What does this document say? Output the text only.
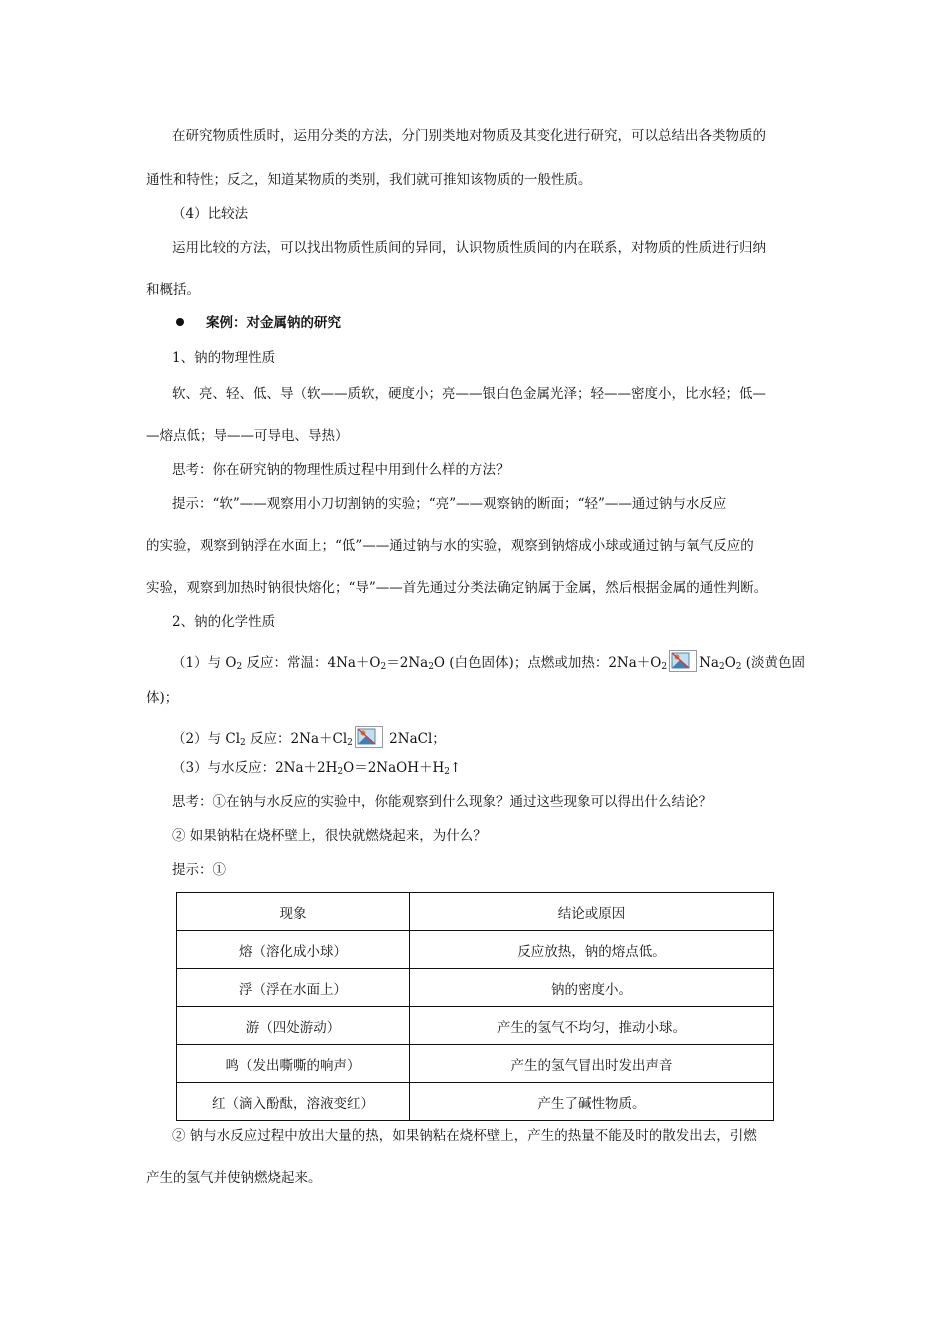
在研究物质性质时，运用分类的方法，分门别类地对物质及其变化进行研究，可以总结出各类物质的
通性和特性；反之，知道某物质的类别，我们就可推知该物质的一般性质。
（4）比较法
运用比较的方法，可以找出物质性质间的异同，认识物质性质间的内在联系，对物质的性质进行归纳
和概括。
案例：对金属钠的研究
1、钠的物理性质
软、亮、轻、低、导（软——质软，硬度小；亮——银白色金属光泽；轻——密度小，比水轻；低—
—熔点低；导——可导电、导热）
思考：你在研究钠的物理性质过程中用到什么样的方法？
提示：“软”——观察用小刀切割钠的实验；“亮”——观察钠的断面；“轻”——通过钠与水反应
的实验，观察到钠浮在水面上；“低”——通过钠与水的实验，观察到钠熔成小球或通过钠与氧气反应的
实验，观察到加热时钠很快熔化；“导”——首先通过分类法确定钠属于金属，然后根据金属的通性判断。
2、钠的化学性质
（1）与 $O_2$ 反应：常温：$4Na+O_2=2Na_2O$ (白色固体)；点燃或加热：$2Na+O_2$ $Na_2O_2$ (淡黄色固
体)；
（2）与 $Cl_2$ 反应：$2Na+Cl_2$ 2NaCl；
（3）与水反应：$2Na+2H_2O=2NaOH+H_2↑$
思考：①在钠与水反应的实验中，你能观察到什么现象？通过这些现象可以得出什么结论？
② 如果钠粘在烧杯壁上，很快就燃烧起来，为什么？
提示：①
现象	结论或原因
熔（溶化成小球）	反应放热，钠的熔点低。
浮（浮在水面上）	钠的密度小。
游（四处游动）	产生的氢气不均匀，推动小球。
鸣（发出嘶嘶的响声）	产生的氢气冒出时发出声音
红（滴入酚酞，溶液变红）	产生了碱性物质。
② 钠与水反应过程中放出大量的热，如果钠粘在烧杯壁上，产生的热量不能及时的散发出去，引燃
产生的氢气并使钠燃烧起来。
